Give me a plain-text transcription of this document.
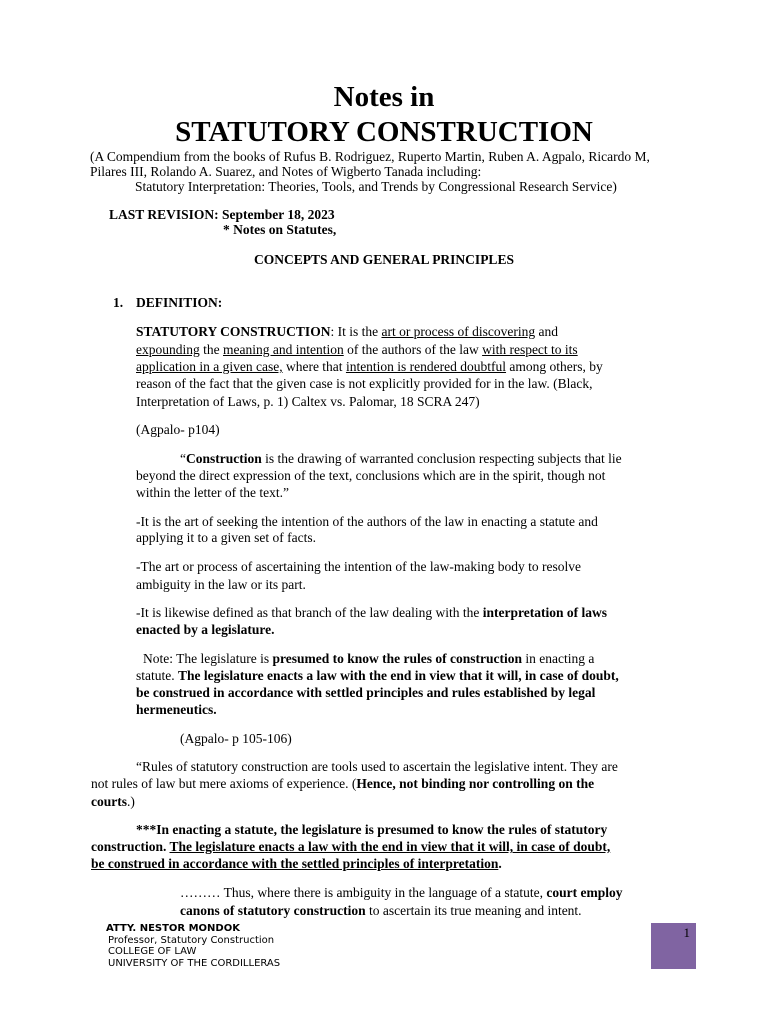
Notes in
STATUTORY CONSTRUCTION
(A Compendium from the books of Rufus B. Rodriguez, Ruperto Martin, Ruben A. Agpalo, Ricardo M,
Pilares III, Rolando A. Suarez, and Notes of Wigberto Tanada including:
Statutory Interpretation: Theories, Tools, and Trends by Congressional Research Service)
LAST REVISION: September 18, 2023
* Notes on Statutes,
CONCEPTS AND GENERAL PRINCIPLES
1. DEFINITION:
STATUTORY CONSTRUCTION: It is the art or process of discovering and
expounding the meaning and intention of the authors of the law with respect to its
application in a given case, where that intention is rendered doubtful among others, by
reason of the fact that the given case is not explicitly provided for in the law. (Black,
Interpretation of Laws, p. 1) Caltex vs. Palomar, 18 SCRA 247)
(Agpalo- p104)
“Construction is the drawing of warranted conclusion respecting subjects that lie
beyond the direct expression of the text, conclusions which are in the spirit, though not
within the letter of the text.”
-It is the art of seeking the intention of the authors of the law in enacting a statute and
applying it to a given set of facts.
-The art or process of ascertaining the intention of the law-making body to resolve
ambiguity in the law or its part.
-It is likewise defined as that branch of the law dealing with the interpretation of laws
enacted by a legislature.
Note: The legislature is presumed to know the rules of construction in enacting a
statute. The legislature enacts a law with the end in view that it will, in case of doubt,
be construed in accordance with settled principles and rules established by legal
hermeneutics.
(Agpalo- p 105-106)
“Rules of statutory construction are tools used to ascertain the legislative intent. They are
not rules of law but mere axioms of experience. (Hence, not binding nor controlling on the
courts.)
***In enacting a statute, the legislature is presumed to know the rules of statutory
construction. The legislature enacts a law with the end in view that it will, in case of doubt,
be construed in accordance with the settled principles of interpretation.
……… Thus, where there is ambiguity in the language of a statute, court employ
canons of statutory construction to ascertain its true meaning and intent.
ATTY. NESTOR MONDOK
Professor, Statutory Construction
COLLEGE OF LAW
UNIVERSITY OF THE CORDILLERAS
1
